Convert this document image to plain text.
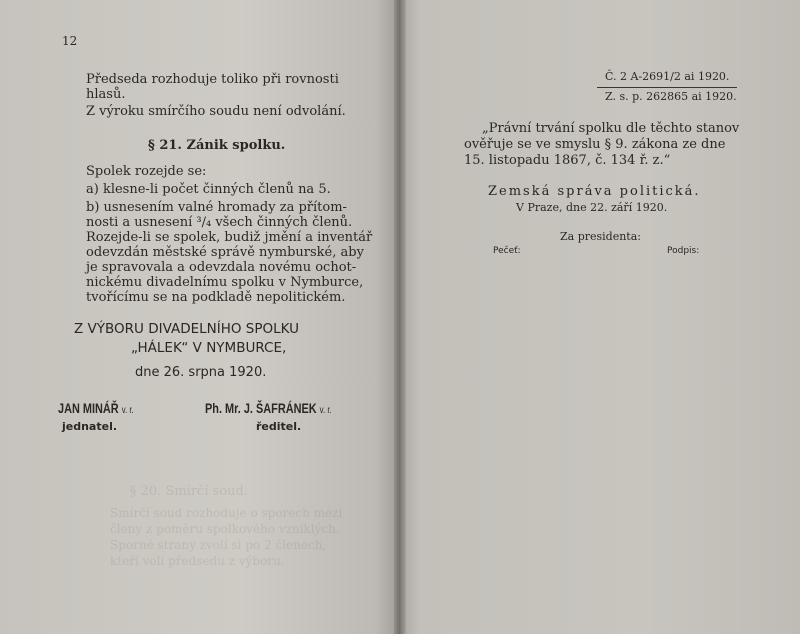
12
§ 20. Smírčí soud.
Smírčí soud rozhoduje o sporech mezi
členy z poměru spolkového vzniklých.
Sporné strany zvolí si po 2 členech,
kteří volí předsedu z výboru.
Předseda rozhoduje toliko při rovnosti
hlasů.
Z výroku smírčího soudu není odvolání.
§ 21. Zánik spolku.
Spolek rozejde se:
a) klesne-li počet činných členů na 5.
b) usnesením valné hromady za přítom-
nosti a usnesení ³/₄ všech činných členů.
Rozejde-li se spolek, budiž jmění a inventář
odevzdán městské správě nymburské, aby
je spravovala a odevzdala novému ochot-
nickému divadelnímu spolku v Nymburce,
tvořícímu se na podkladě nepolitickém.
Z VÝBORU DIVADELNÍHO SPOLKU
„HÁLEK“ V NYMBURCE,
dne 26. srpna 1920.
JAN MINÁŘ v. r.
jednatel.
Ph. Mr. J. ŠAFRÁNEK v. r.
ředitel.
Č. 2 A-2691/2 ai 1920.
Z. s. p. 262865 ai 1920.
„Právní trvání spolku dle těchto stanov
ověřuje se ve smyslu § 9. zákona ze dne
15. listopadu 1867, č. 134 ř. z.“
Zemská správa politická.
V Praze, dne 22. září 1920.
Za presidenta:
Pečeť:	Podpis:
